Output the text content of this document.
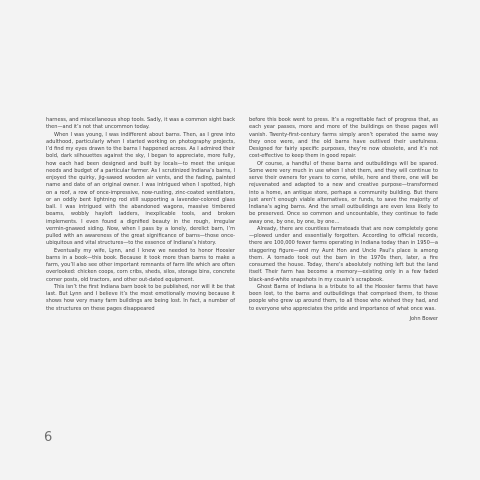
harness, and miscellaneous shop tools. Sadly, it was a common sight back then—and it’s not that uncommon today.

When I was young, I was indifferent about barns. Then, as I grew into adulthood, particularly when I started working on photography projects, I’d find my eyes drawn to the barns I happened across. As I admired their bold, dark silhouettes against the sky, I began to appreciate, more fully, how each had been designed and built by locals—to meet the unique needs and budget of a particular farmer. As I scrutinized Indiana’s barns, I enjoyed the quirky, jig-sawed wooden air vents, and the fading, painted name and date of an original owner. I was intrigued when I spotted, high on a roof, a row of once-impressive, now-rusting, zinc-coated ventilators, or an oddly bent lightning rod still supporting a lavender-colored glass ball. I was intrigued with the abandoned wagons, massive timbered beams, wobbly hayloft ladders, inexplicable tools, and broken implements. I even found a dignified beauty in the rough, irregular vermin-gnawed siding. Now, when I pass by a lonely, derelict barn, I’m pulled with an awareness of the great significance of barns—those once-ubiquitous and vital structures—to the essence of Indiana’s history.

Eventually my wife, Lynn, and I knew we needed to honor Hoosier barns in a book—this book. Because it took more than barns to make a farm, you’ll also see other important remnants of farm life which are often overlooked: chicken coops, corn cribs, sheds, silos, storage bins, concrete corner posts, old tractors, and other out-dated equipment.

This isn’t the first Indiana barn book to be published, nor will it be that last. But Lynn and I believe it’s the most emotionally moving because it shows how very many farm buildings are being lost. In fact, a number of the structures on these pages disappeared

before this book went to press. It’s a regrettable fact of progress that, as each year passes, more and more of the buildings on these pages will vanish. Twenty-first-century farms simply aren’t operated the same way they once were, and the old barns have outlived their usefulness. Designed for fairly specific purposes, they’re now obsolete, and it’s not cost-effective to keep them in good repair.

Of course, a handful of these barns and outbuildings will be spared. Some were very much in use when I shot them, and they will continue to serve their owners for years to come, while, here and there, one will be rejuvenated and adapted to a new and creative purpose—transformed into a home, an antique store, perhaps a community building. But there just aren’t enough viable alternatives, or funds, to save the majority of Indiana’s aging barns. And the small outbuildings are even less likely to be preserved. Once so common and uncountable, they continue to fade away one, by one, by one, by one…

Already, there are countless farmsteads that are now completely gone—plowed under and essentially forgotten. According to official records, there are 100,000 fewer farms operating in Indiana today than in 1950—a staggering figure—and my Aunt Hon and Uncle Paul’s place is among them. A tornado took out the barn in the 1970s then, later, a fire consumed the house. Today, there’s absolutely nothing left but the land itself. Their farm has become a memory—existing only in a few faded black-and-white snapshots in my cousin’s scrapbook.

Ghost Barns of Indiana is a tribute to all the Hoosier farms that have been lost, to the barns and outbuildings that comprised them, to those people who grew up around them, to all those who wished they had, and to everyone who appreciates the pride and importance of what once was.

John Bower

6
